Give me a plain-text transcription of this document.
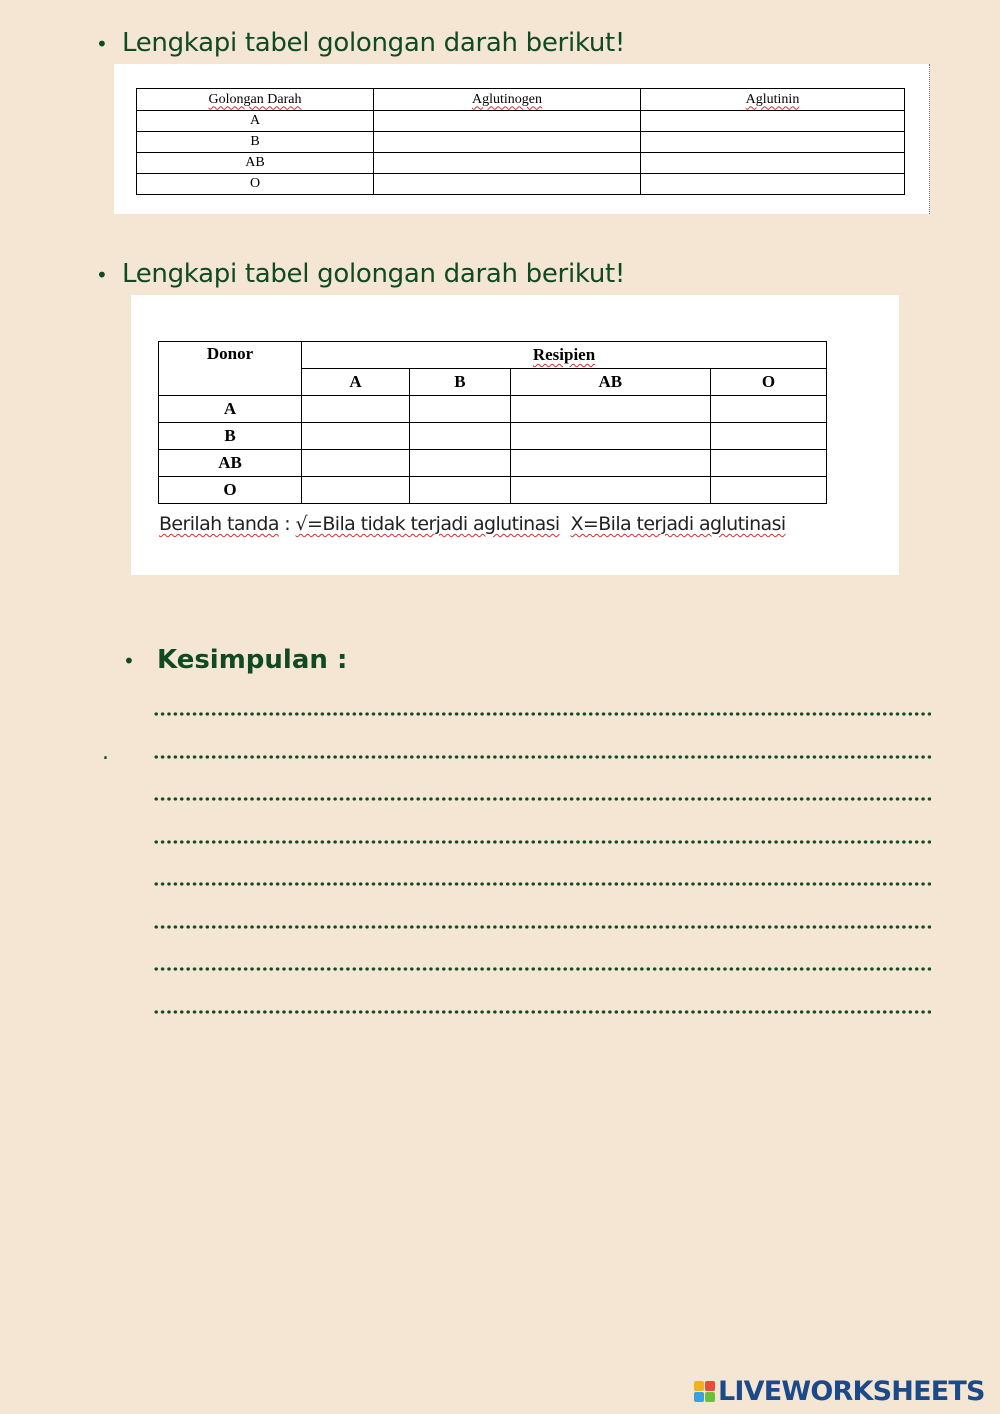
• Lengkapi tabel golongan darah berikut!
Golongan Darah	Aglutinogen	Aglutinin
A		
B		
AB		
O		
• Lengkapi tabel golongan darah berikut!
Donor	Resipien			
	A	B	AB	O
A				
B				
AB				
O				
Berilah tanda : √=Bila tidak terjadi aglutinasi X=Bila terjadi aglutinasi
• Kesimpulan :
.
LIVEWORKSHEETS
